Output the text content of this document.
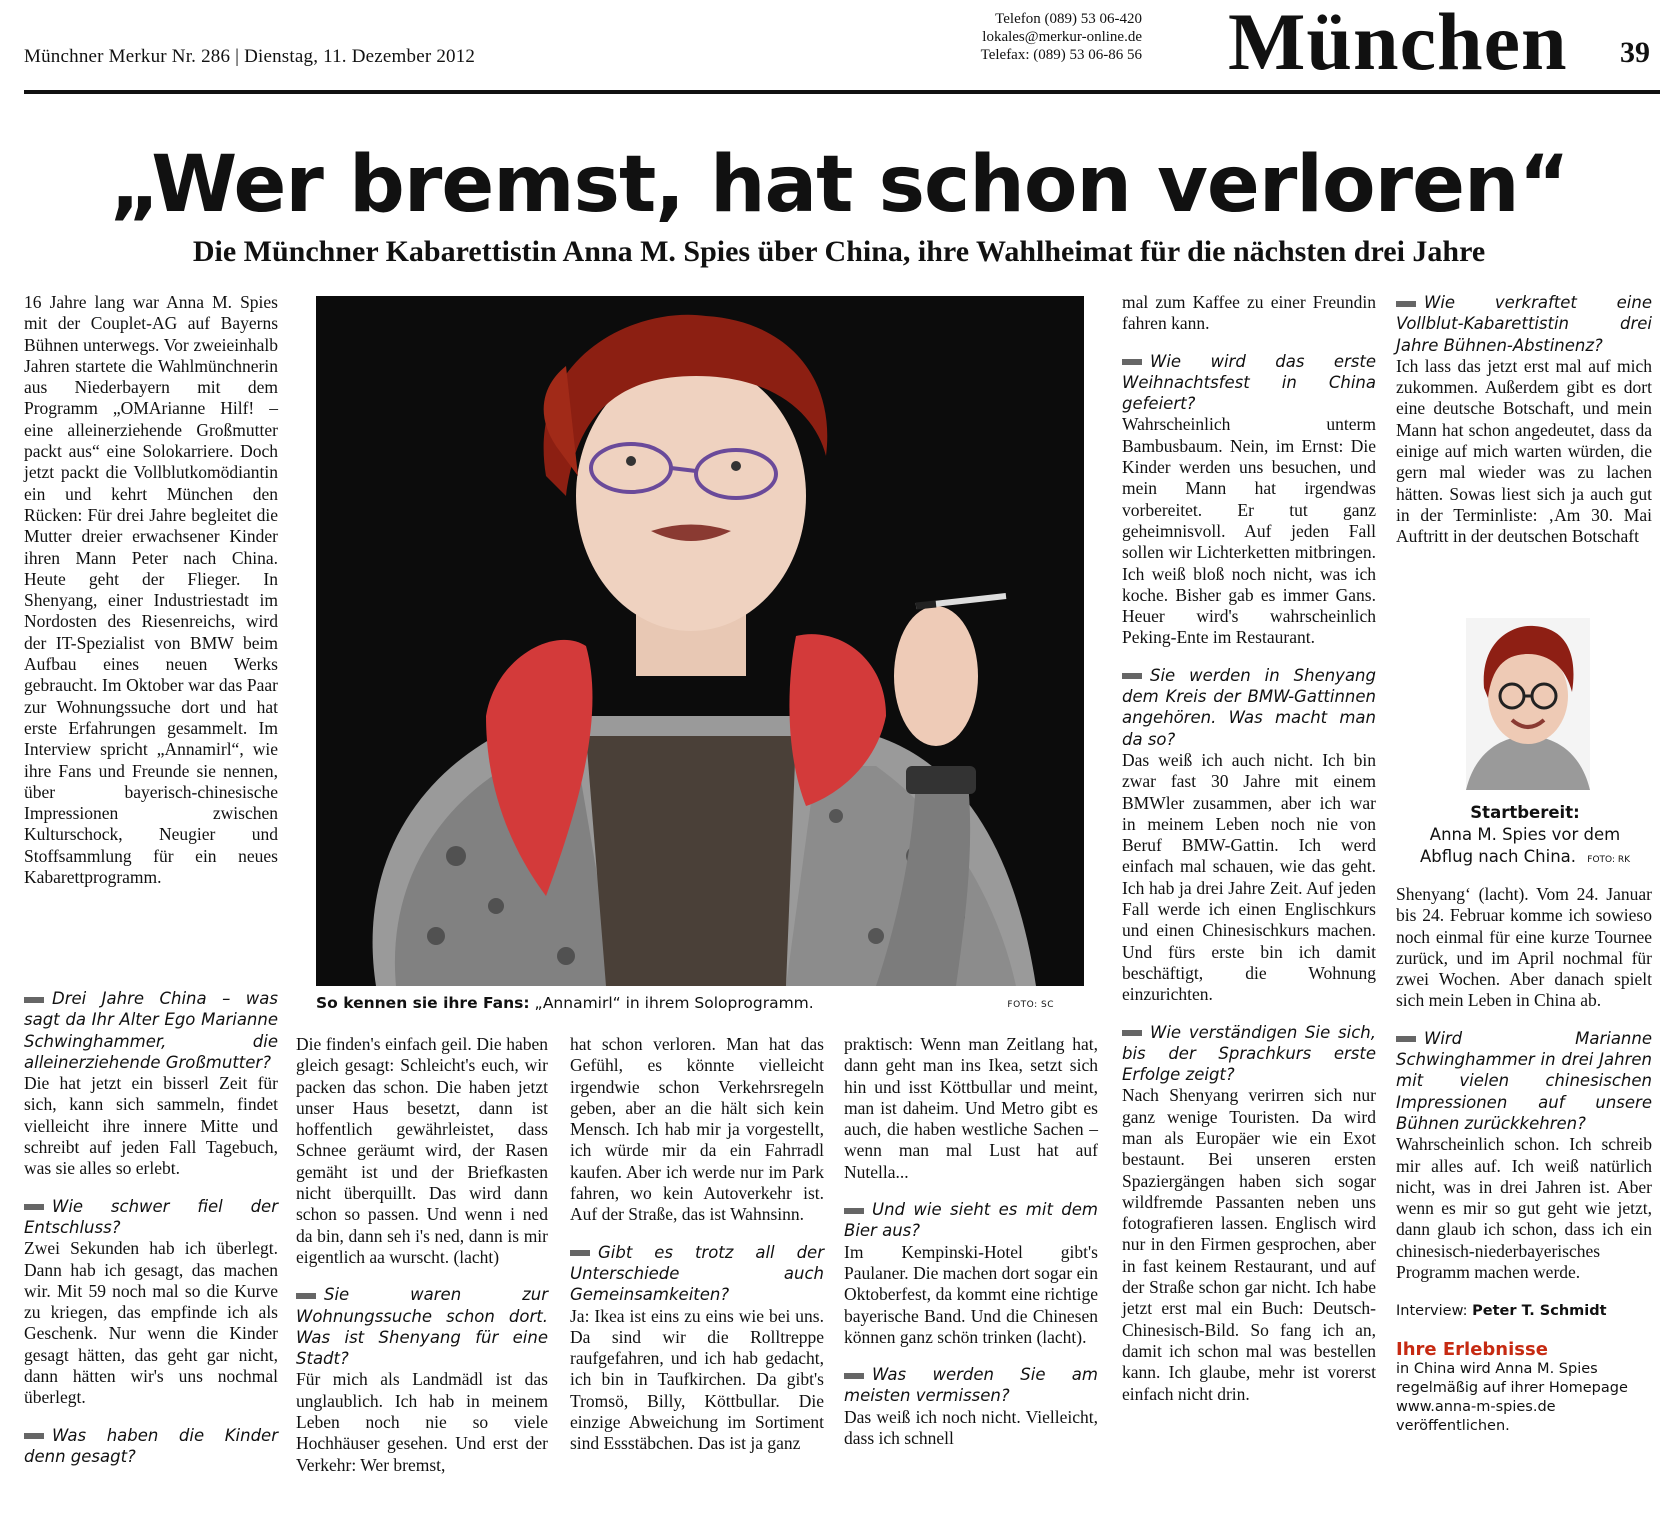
Münchner Merkur Nr. 286 | Dienstag, 11. Dezember 2012
Telefon (089) 53 06-420
lokales@merkur-online.de
Telefax: (089) 53 06-86 56 München 39
„Wer bremst, hat schon verloren“
Die Münchner Kabarettistin Anna M. Spies über China, ihre Wahlheimat für die nächsten drei Jahre

16 Jahre lang war Anna M. Spies mit der Couplet-AG auf Bayerns Bühnen unterwegs. Vor zweieinhalb Jahren startete die Wahlmünchnerin aus Niederbayern mit dem Programm „OMArianne Hilf! – eine alleinerziehende Großmutter packt aus“ eine Solokarriere. Doch jetzt packt die Vollblutkomödiantin ein und kehrt München den Rücken: Für drei Jahre begleitet die Mutter dreier erwachsener Kinder ihren Mann Peter nach China. Heute geht der Flieger. In Shenyang, einer Industriestadt im Nordosten des Riesenreichs, wird der IT-Spezialist von BMW beim Aufbau eines neuen Werks gebraucht. Im Oktober war das Paar zur Wohnungssuche dort und hat erste Erfahrungen gesammelt. Im Interview spricht „Annamirl“, wie ihre Fans und Freunde sie nennen, über bayerisch-chinesische Impressionen zwischen Kulturschock, Neugier und Stoffsammlung für ein neues Kabarettprogramm.

So kennen sie ihre Fans: „Annamirl“ in ihrem Soloprogramm.	FOTO: SC

Drei Jahre China – was sagt da Ihr Alter Ego Marianne Schwinghammer, die alleinerziehende Großmutter?

Die hat jetzt ein bisserl Zeit für sich, kann sich sammeln, findet vielleicht ihre innere Mitte und schreibt auf jeden Fall Tagebuch, was sie alles so erlebt.

Wie schwer fiel der Entschluss?

Zwei Sekunden hab ich überlegt. Dann hab ich gesagt, das machen wir. Mit 59 noch mal so die Kurve zu kriegen, das empfinde ich als Geschenk. Nur wenn die Kinder gesagt hätten, das geht gar nicht, dann hätten wir's uns nochmal überlegt.

Was haben die Kinder denn gesagt?

Die finden's einfach geil. Die haben gleich gesagt: Schleicht's euch, wir packen das schon. Die haben jetzt unser Haus besetzt, dann ist hoffentlich gewährleistet, dass Schnee geräumt wird, der Rasen gemäht ist und der Briefkasten nicht überquillt. Das wird dann schon so passen. Und wenn i ned da bin, dann seh i's ned, dann is mir eigentlich aa wurscht. (lacht)

Sie waren zur Wohnungssuche schon dort. Was ist Shenyang für eine Stadt?

Für mich als Landmädl ist das unglaublich. Ich hab in meinem Leben noch nie so viele Hochhäuser gesehen. Und erst der Verkehr: Wer bremst,

hat schon verloren. Man hat das Gefühl, es könnte vielleicht irgendwie schon Verkehrsregeln geben, aber an die hält sich kein Mensch. Ich hab mir ja vorgestellt, ich würde mir da ein Fahrradl kaufen. Aber ich werde nur im Park fahren, wo kein Autoverkehr ist. Auf der Straße, das ist Wahnsinn.

Gibt es trotz all der Unterschiede auch Gemeinsamkeiten?

Ja: Ikea ist eins zu eins wie bei uns. Da sind wir die Rolltreppe raufgefahren, und ich hab gedacht, ich bin in Taufkirchen. Da gibt's Tromsö, Billy, Köttbullar. Die einzige Abweichung im Sortiment sind Essstäbchen. Das ist ja ganz

praktisch: Wenn man Zeitlang hat, dann geht man ins Ikea, setzt sich hin und isst Köttbullar und meint, man ist daheim. Und Metro gibt es auch, die haben westliche Sachen – wenn man mal Lust hat auf Nutella...

Und wie sieht es mit dem Bier aus?

Im Kempinski-Hotel gibt's Paulaner. Die machen dort sogar ein Oktoberfest, da kommt eine richtige bayerische Band. Und die Chinesen können ganz schön trinken (lacht).

Was werden Sie am meisten vermissen?

Das weiß ich noch nicht. Vielleicht, dass ich schnell

mal zum Kaffee zu einer Freundin fahren kann.

Wie wird das erste Weihnachtsfest in China gefeiert?

Wahrscheinlich unterm Bambusbaum. Nein, im Ernst: Die Kinder werden uns besuchen, und mein Mann hat irgendwas vorbereitet. Er tut ganz geheimnisvoll. Auf jeden Fall sollen wir Lichterketten mitbringen. Ich weiß bloß noch nicht, was ich koche. Bisher gab es immer Gans. Heuer wird's wahrscheinlich Peking-Ente im Restaurant.

Sie werden in Shenyang dem Kreis der BMW-Gattinnen angehören. Was macht man da so?

Das weiß ich auch nicht. Ich bin zwar fast 30 Jahre mit einem BMWler zusammen, aber ich war in meinem Leben noch nie von Beruf BMW-Gattin. Ich werd einfach mal schauen, wie das geht. Ich hab ja drei Jahre Zeit. Auf jeden Fall werde ich einen Englischkurs und einen Chinesischkurs machen. Und fürs erste bin ich damit beschäftigt, die Wohnung einzurichten.

Wie verständigen Sie sich, bis der Sprachkurs erste Erfolge zeigt?

Nach Shenyang verirren sich nur ganz wenige Touristen. Da wird man als Europäer wie ein Exot bestaunt. Bei unseren ersten Spaziergängen haben sich sogar wildfremde Passanten neben uns fotografieren lassen. Englisch wird nur in den Firmen gesprochen, aber in fast keinem Restaurant, und auf der Straße schon gar nicht. Ich habe jetzt erst mal ein Buch: Deutsch-Chinesisch-Bild. So fang ich an, damit ich schon mal was bestellen kann. Ich glaube, mehr ist vorerst einfach nicht drin.

Wie verkraftet eine Vollblut-Kabarettistin drei Jahre Bühnen-Abstinenz?

Ich lass das jetzt erst mal auf mich zukommen. Außerdem gibt es dort eine deutsche Botschaft, und mein Mann hat schon angedeutet, dass da einige auf mich warten würden, die gern mal wieder was zu lachen hätten. Sowas liest sich ja auch gut in der Terminliste: ‚Am 30. Mai Auftritt in der deutschen Botschaft

Startbereit:
Anna M. Spies vor dem
Abflug nach China. FOTO: RK

Shenyang‘ (lacht). Vom 24. Januar bis 24. Februar komme ich sowieso noch einmal für eine kurze Tournee zurück, und im April nochmal für zwei Wochen. Aber danach spielt sich mein Leben in China ab.

Wird Marianne Schwinghammer in drei Jahren mit vielen chinesischen Impressionen auf unsere Bühnen zurückkehren?

Wahrscheinlich schon. Ich schreib mir alles auf. Ich weiß natürlich nicht, was in drei Jahren ist. Aber wenn es mir so gut geht wie jetzt, dann glaub ich schon, dass ich ein chinesisch-niederbayerisches Programm machen werde.

Interview: Peter T. Schmidt

Ihre Erlebnisse

in China wird Anna M. Spies regelmäßig auf ihrer Homepage www.anna-m-spies.de veröffentlichen.
